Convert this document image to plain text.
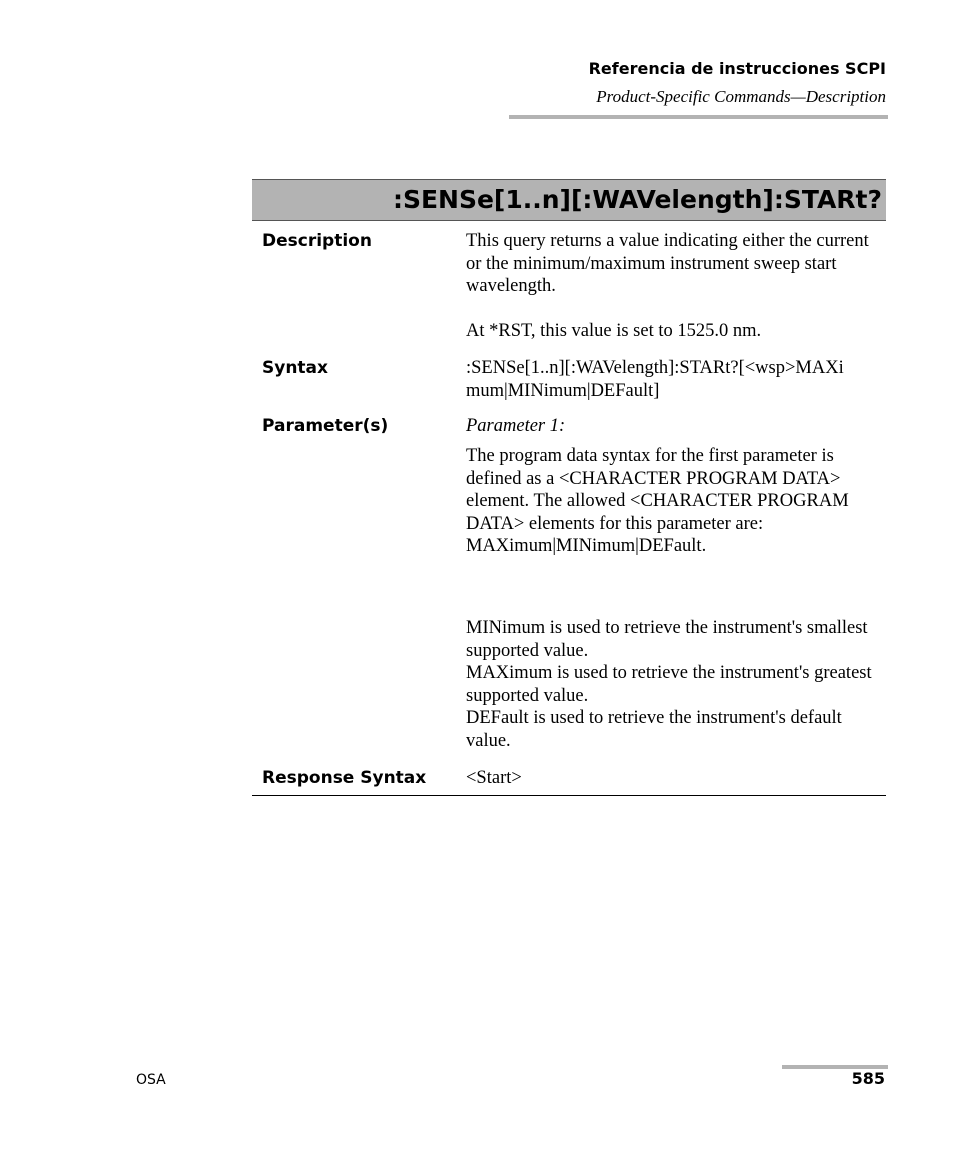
Referencia de instrucciones SCPI
Product-Specific Commands—Description
:SENSe[1..n][:WAVelength]:STARt?
Description	This query returns a value indicating either the current or the minimum/maximum instrument sweep start wavelength.

At *RST, this value is set to 1525.0 nm.

Syntax	:SENSe[1..n][:WAVelength]:STARt?[<wsp>MAXi

mum|MINimum|DEFault]

Parameter(s)	Parameter 1:

The program data syntax for the first parameter is defined as a <CHARACTER PROGRAM DATA> element. The allowed <CHARACTER PROGRAM DATA> elements for this parameter are: MAXimum|MINimum|DEFault.

MINimum is used to retrieve the instrument's smallest supported value.

MAXimum is used to retrieve the instrument's greatest supported value.

DEFault is used to retrieve the instrument's default value.

Response Syntax <Start>

OSA	585
